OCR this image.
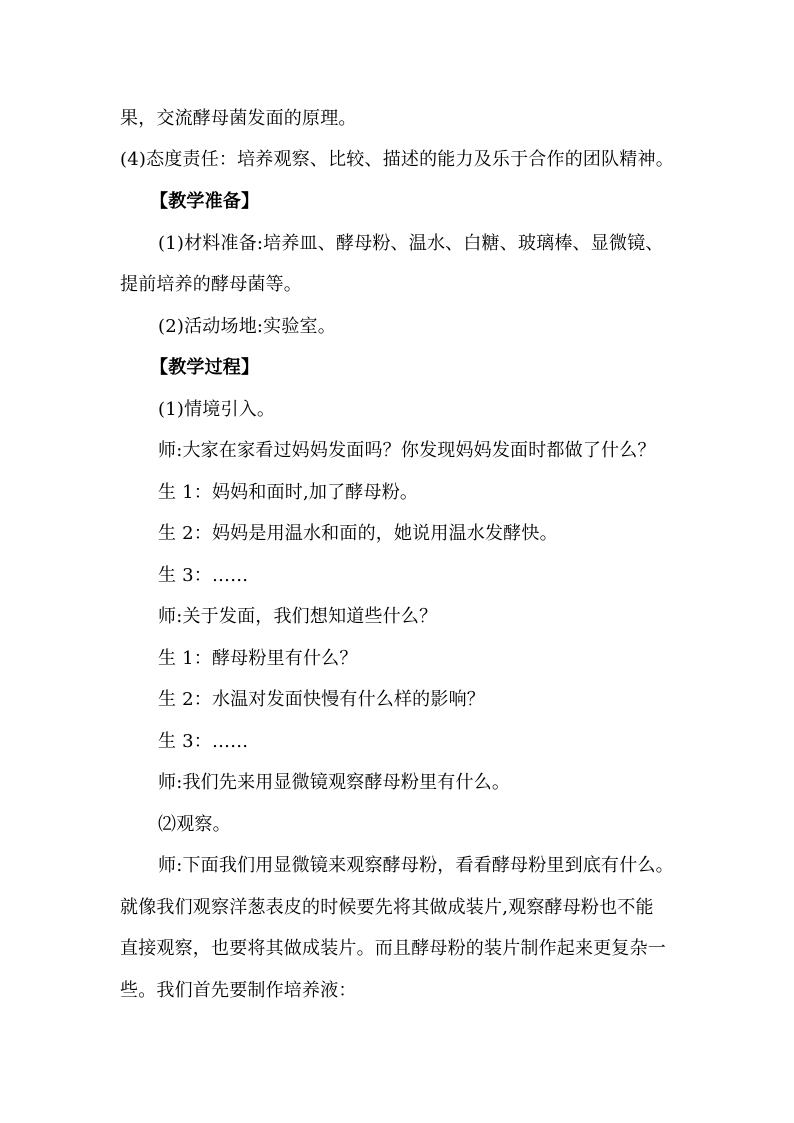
果，交流酵母菌发面的原理。
(4)态度责任：培养观察、比较、描述的能力及乐于合作的团队精神。
【教学准备】
(1)材料准备:培养皿、酵母粉、温水、白糖、玻璃棒、显微镜、
提前培养的酵母菌等。
(2)活动场地:实验室。
【教学过程】
(1)情境引入。
师:大家在家看过妈妈发面吗？你发现妈妈发面时都做了什么？
生 1：妈妈和面时,加了酵母粉。
生 2：妈妈是用温水和面的，她说用温水发酵快。
生 3：……
师:关于发面，我们想知道些什么？
生 1：酵母粉里有什么？
生 2：水温对发面快慢有什么样的影响？
生 3：……
师:我们先来用显微镜观察酵母粉里有什么。
⑵观察。
师:下面我们用显微镜来观察酵母粉，看看酵母粉里到底有什么。
就像我们观察洋葱表皮的时候要先将其做成装片,观察酵母粉也不能
直接观察，也要将其做成装片。而且酵母粉的装片制作起来更复杂一
些。我们首先要制作培养液：
